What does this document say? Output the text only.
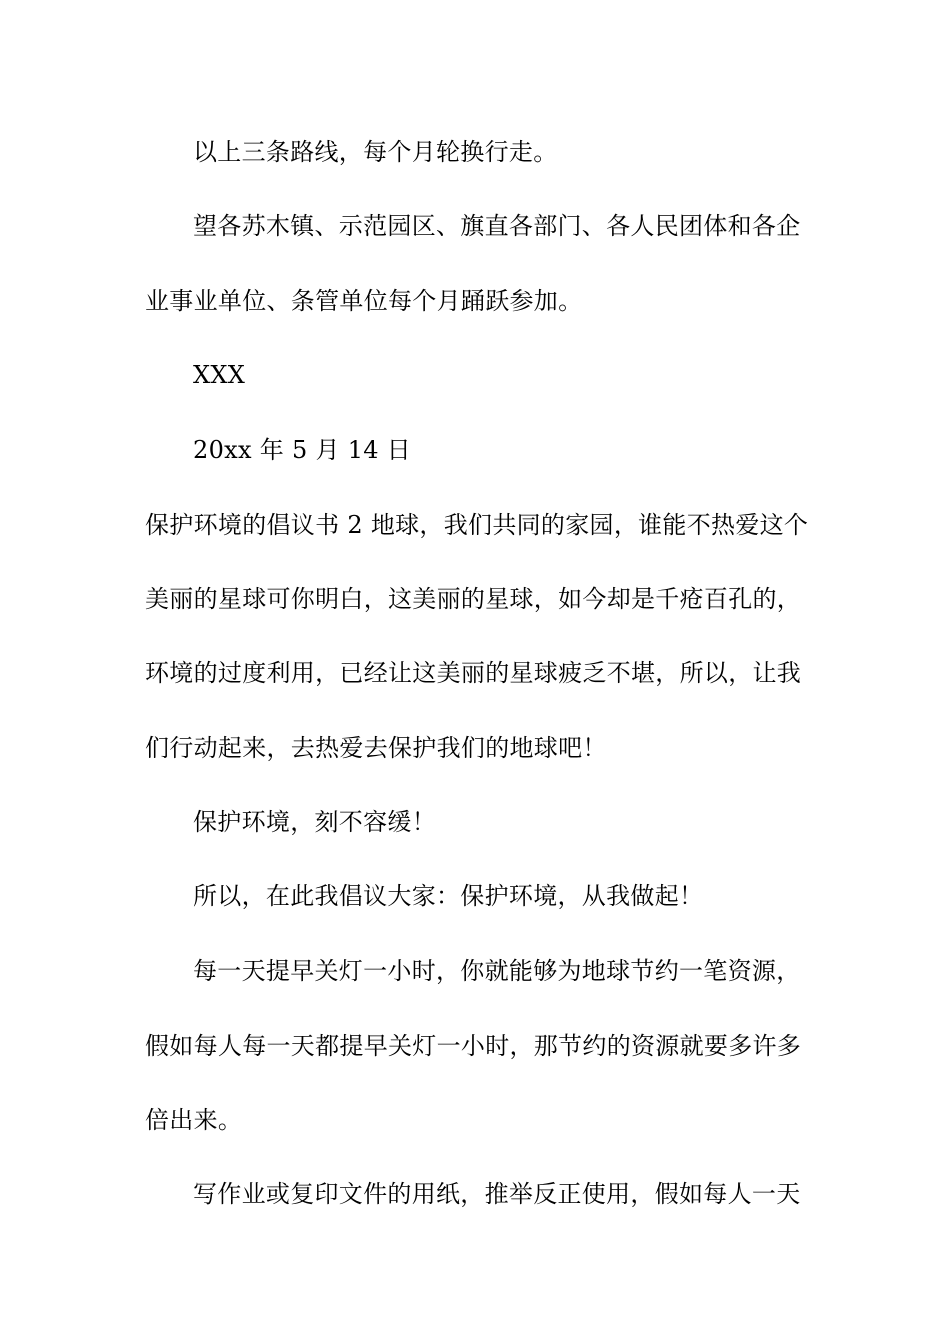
以上三条路线，每个月轮换行走。
望各苏木镇、示范园区、旗直各部门、各人民团体和各企
业事业单位、条管单位每个月踊跃参加。
XXX
20xx 年 5 月 14 日
保护环境的倡议书 2 地球，我们共同的家园，谁能不热爱这个
美丽的星球可你明白，这美丽的星球，如今却是千疮百孔的，
环境的过度利用，已经让这美丽的星球疲乏不堪，所以，让我
们行动起来，去热爱去保护我们的地球吧！
保护环境，刻不容缓！
所以，在此我倡议大家：保护环境，从我做起！
每一天提早关灯一小时，你就能够为地球节约一笔资源，
假如每人每一天都提早关灯一小时，那节约的资源就要多许多
倍出来。
写作业或复印文件的用纸，推举反正使用，假如每人一天
